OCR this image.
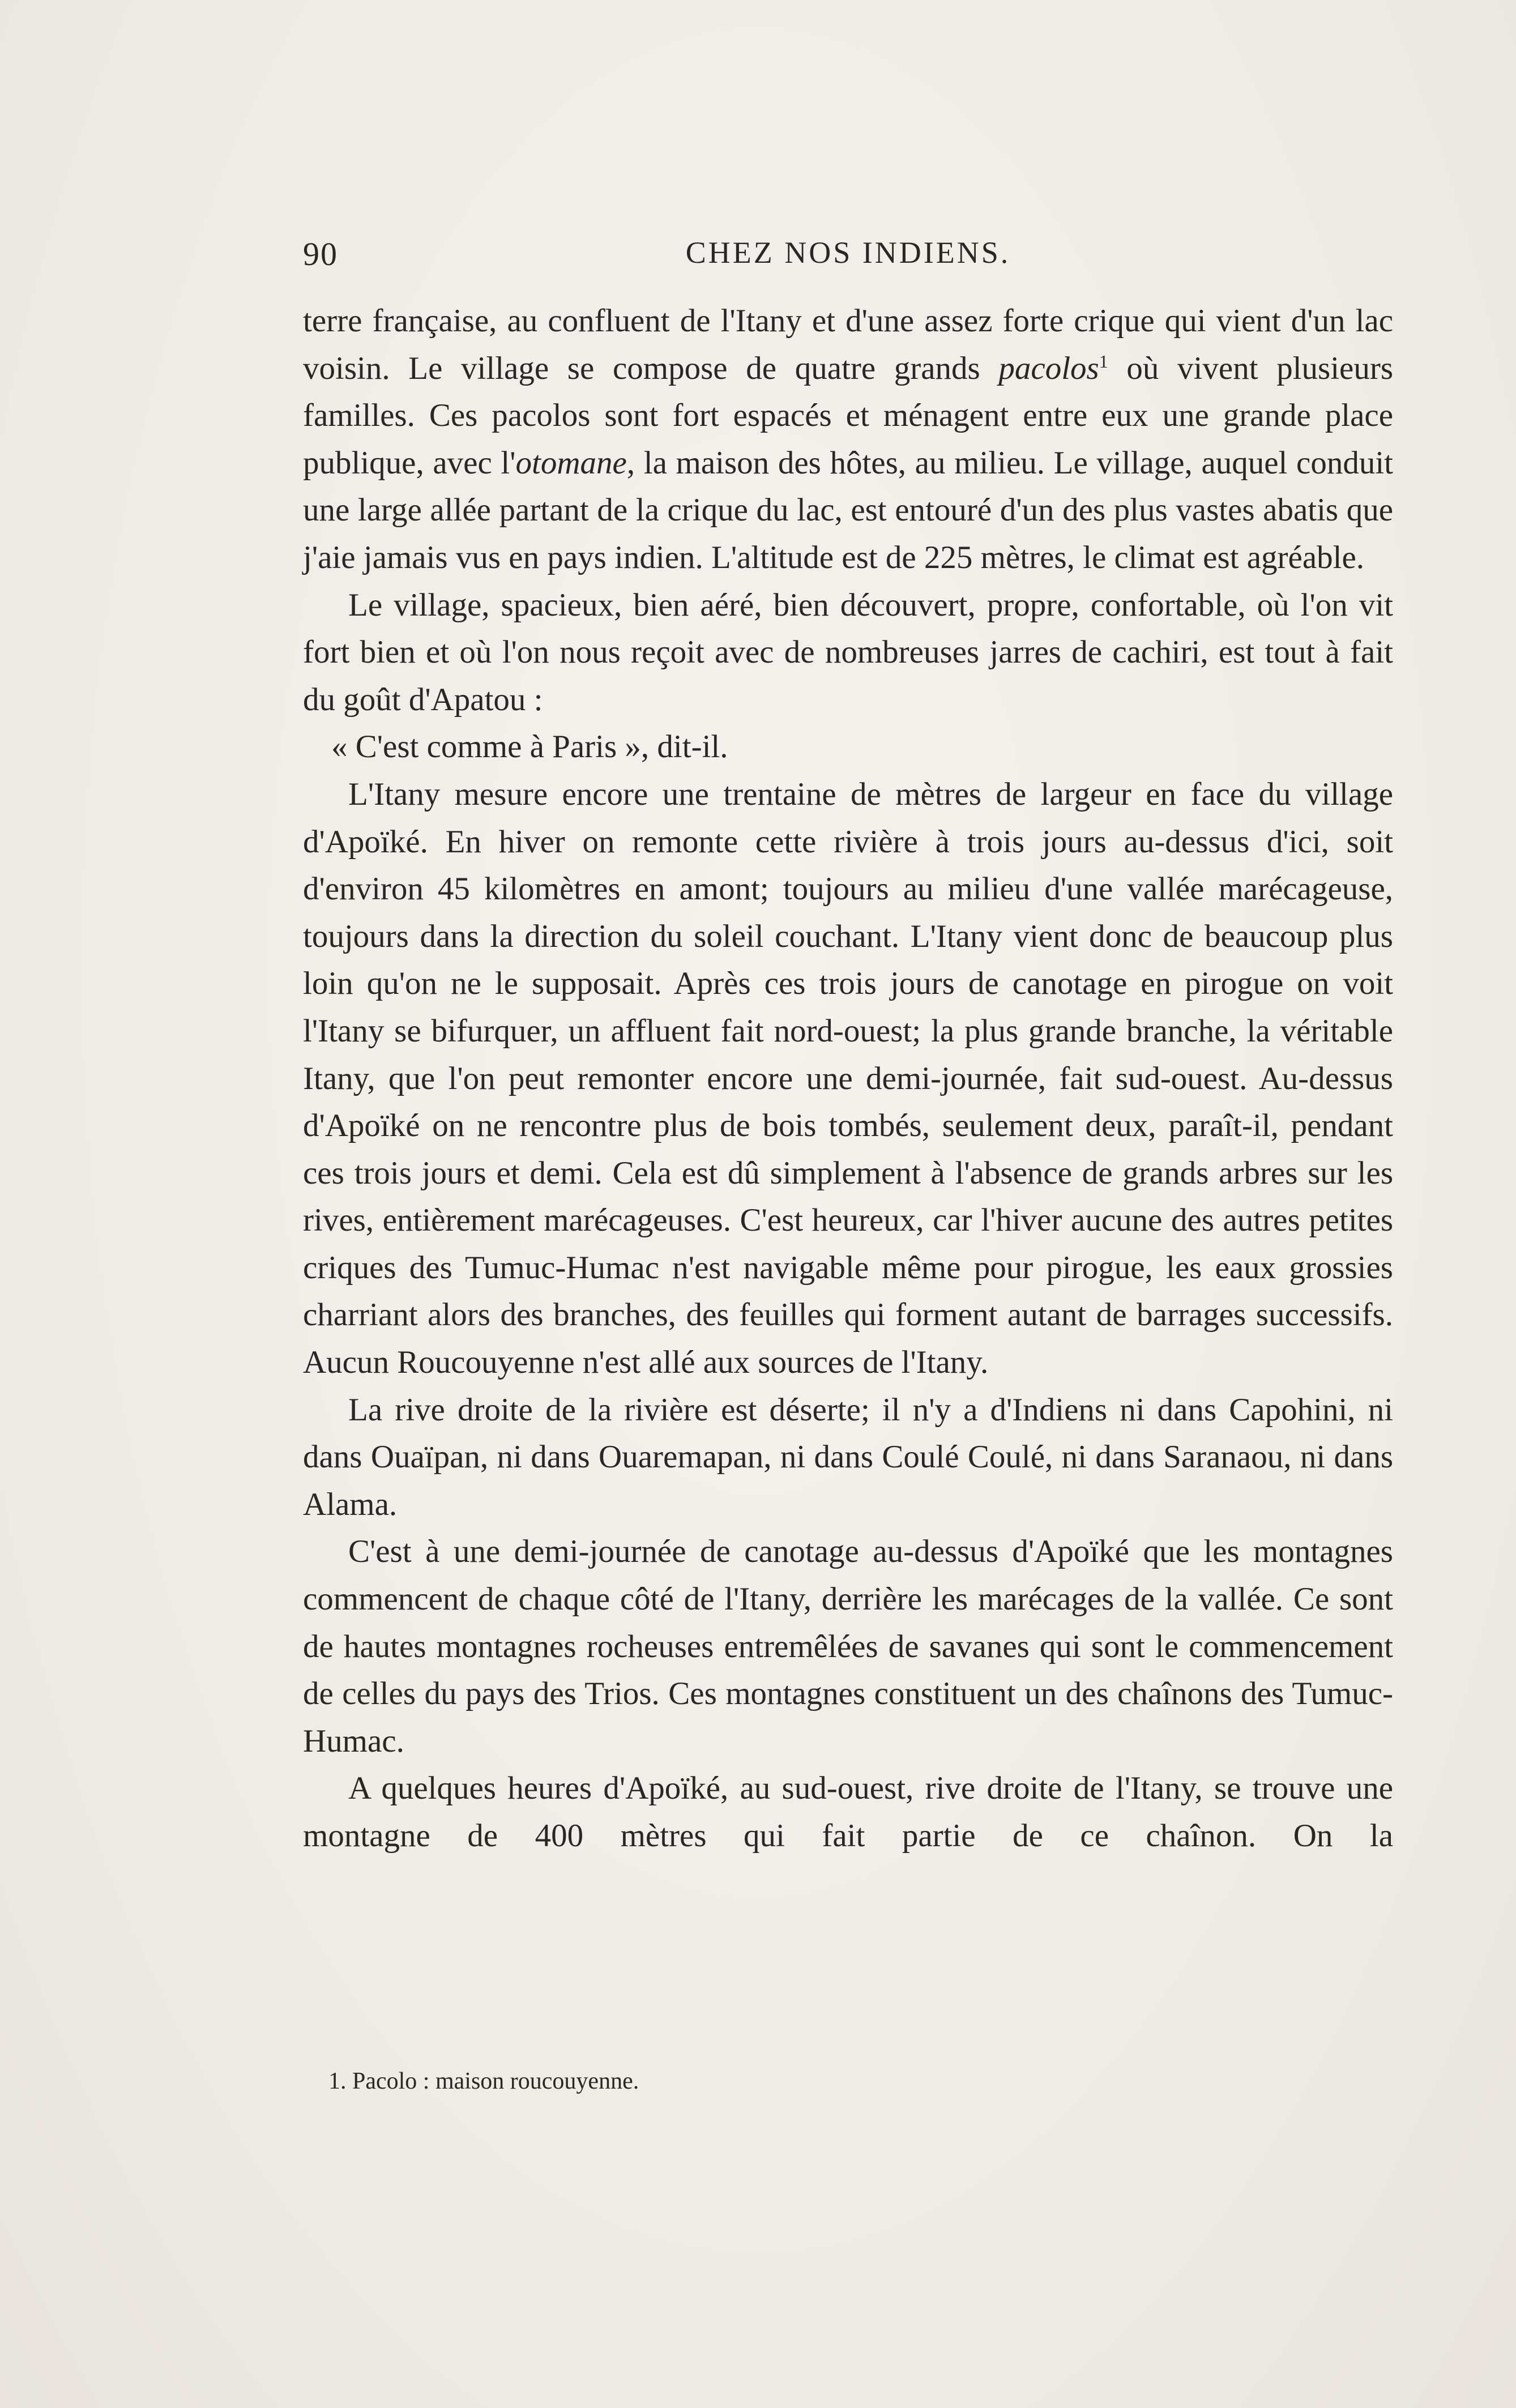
90	CHEZ NOS INDIENS.

terre française, au confluent de l'Itany et d'une assez forte crique qui vient d'un lac voisin. Le village se compose de quatre grands pacolos$^1$ où vivent plusieurs familles. Ces pacolos sont fort espacés et ménagent entre eux une grande place publique, avec l'otomane, la maison des hôtes, au milieu. Le village, auquel conduit une large allée partant de la crique du lac, est entouré d'un des plus vastes abatis que j'aie jamais vus en pays indien. L'altitude est de 225 mètres, le climat est agréable.

Le village, spacieux, bien aéré, bien découvert, propre, confortable, où l'on vit fort bien et où l'on nous reçoit avec de nombreuses jarres de cachiri, est tout à fait du goût d'Apatou :

« C'est comme à Paris », dit-il.

L'Itany mesure encore une trentaine de mètres de largeur en face du village d'Apoïké. En hiver on remonte cette rivière à trois jours au-dessus d'ici, soit d'environ 45 kilomètres en amont; toujours au milieu d'une vallée marécageuse, toujours dans la direction du soleil couchant. L'Itany vient donc de beaucoup plus loin qu'on ne le supposait. Après ces trois jours de canotage en pirogue on voit l'Itany se bifurquer, un affluent fait nord-ouest; la plus grande branche, la véritable Itany, que l'on peut remonter encore une demi-journée, fait sud-ouest. Au-dessus d'Apoïké on ne rencontre plus de bois tombés, seulement deux, paraît-il, pendant ces trois jours et demi. Cela est dû simplement à l'absence de grands arbres sur les rives, entièrement marécageuses. C'est heureux, car l'hiver aucune des autres petites criques des Tumuc-Humac n'est navigable même pour pirogue, les eaux grossies charriant alors des branches, des feuilles qui forment autant de barrages successifs. Aucun Roucouyenne n'est allé aux sources de l'Itany.

La rive droite de la rivière est déserte; il n'y a d'Indiens ni dans Capohini, ni dans Ouaïpan, ni dans Ouaremapan, ni dans Coulé Coulé, ni dans Saranaou, ni dans Alama.

C'est à une demi-journée de canotage au-dessus d'Apoïké que les montagnes commencent de chaque côté de l'Itany, derrière les marécages de la vallée. Ce sont de hautes montagnes rocheuses entremêlées de savanes qui sont le commencement de celles du pays des Trios. Ces montagnes constituent un des chaînons des Tumuc-Humac.

A quelques heures d'Apoïké, au sud-ouest, rive droite de l'Itany, se trouve une montagne de 400 mètres qui fait partie de ce chaînon. On la

1. Pacolo : maison roucouyenne.
